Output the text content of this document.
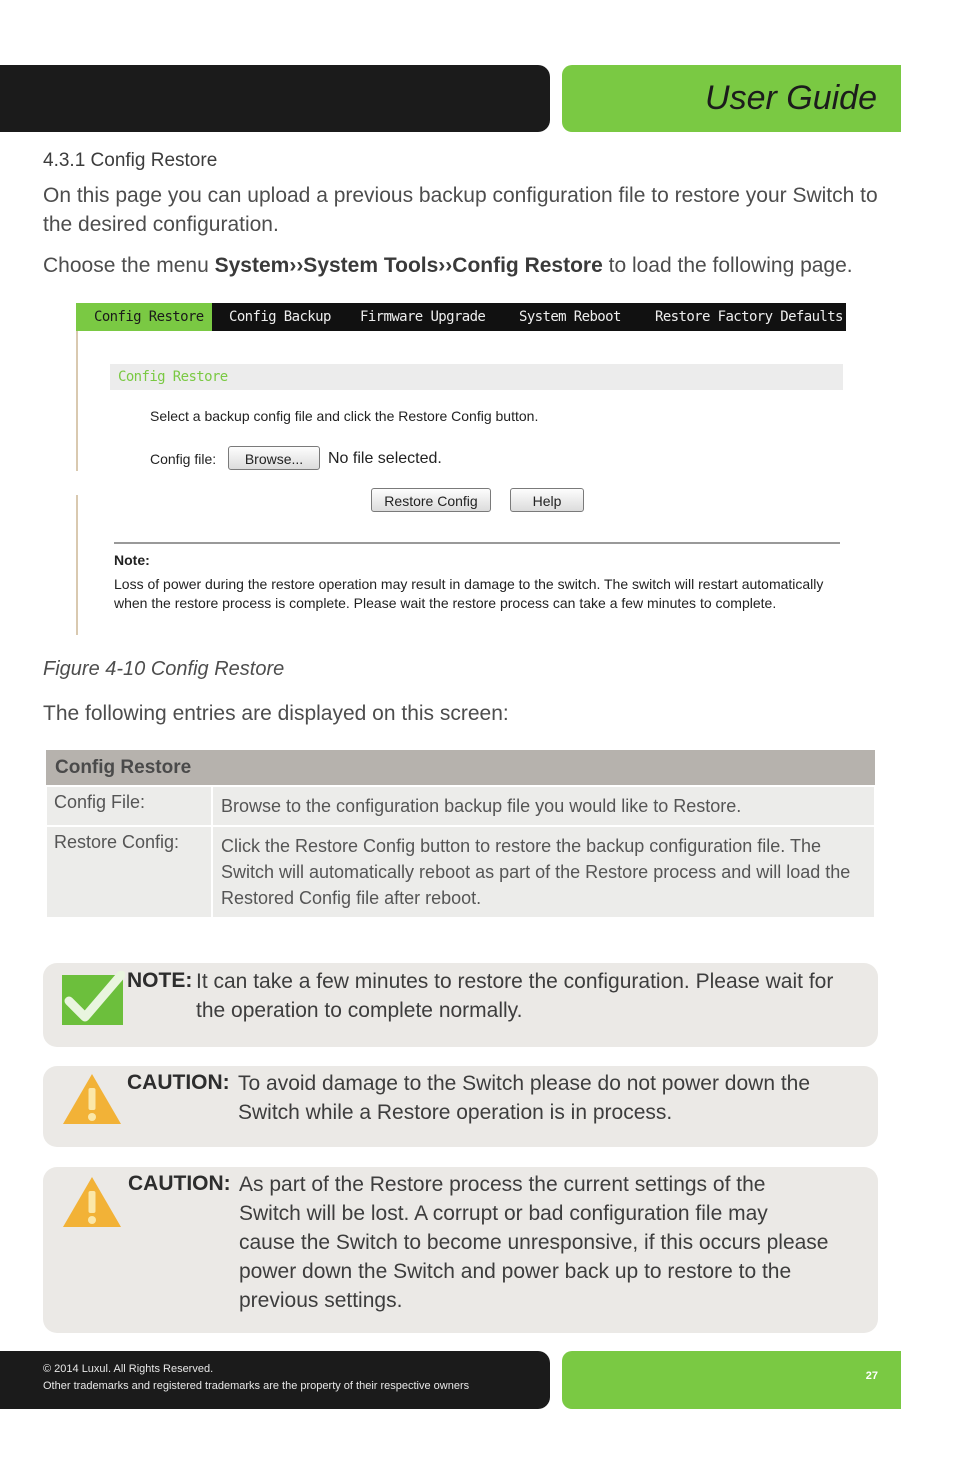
User Guide
4.3.1 Config Restore
On this page you can upload a previous backup configuration file to restore your Switch to the desired configuration.
Choose the menu System››System Tools››Config Restore to load the following page.
Config Restore	Config Backup Firmware Upgrade System Reboot Restore Factory Defaults
Config Restore
Select a backup config file and click the Restore Config button.
Config file:	Browse...	No file selected.
Restore Config	Help
Note:
Loss of power during the restore operation may result in damage to the switch. The switch will restart automatically when the restore process is complete. Please wait the restore process can take a few minutes to complete.
Figure 4-10 Config Restore
The following entries are displayed on this screen:
Config Restore	
Config File:	Browse to the configuration backup file you would like to Restore.
Restore Config:	Click the Restore Config button to restore the backup configuration file. The Switch will automatically reboot as part of the Restore process and will load the Restored Config file after reboot.
NOTE: It can take a few minutes to restore the configuration. Please wait for the operation to complete normally.
CAUTION: To avoid damage to the Switch please do not power down the Switch while a Restore operation is in process.
CAUTION: As part of the Restore process the current settings of the Switch will be lost. A corrupt or bad configuration file may cause the Switch to become unresponsive, if this occurs please power down the Switch and power back up to restore to the previous settings.
© 2014 Luxul. All Rights Reserved.
Other trademarks and registered trademarks are the property of their respective owners
27
